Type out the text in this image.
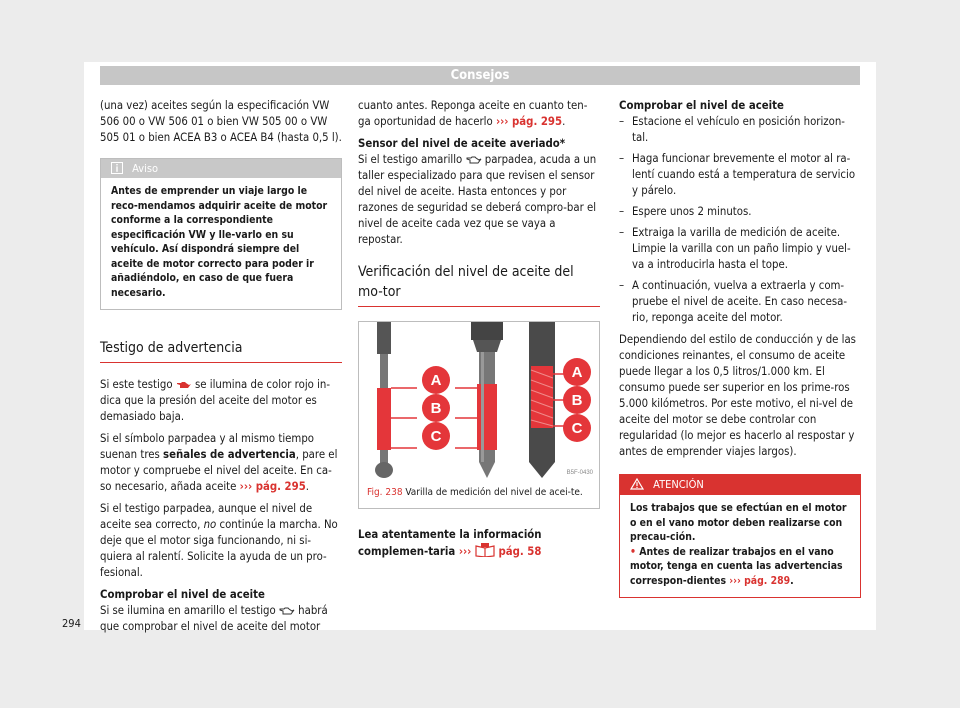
Consejos

(una vez) aceites según la especificación VW 506 00 o VW 506 01 o bien VW 505 00 o VW 505 01 o bien ACEA B3 o ACEA B4 (hasta 0,5 l).

Aviso
Antes de emprender un viaje largo le reco-mendamos adquirir aceite de motor conforme a la correspondiente especificación VW y lle-varlo en su vehículo. Así dispondrá siempre del aceite de motor correcto para poder ir añadiéndolo, en caso de que fuera necesario.
Testigo de advertencia

Si este testigo se ilumina de color rojo in-dica que la presión del aceite del motor es demasiado baja.

Si el símbolo parpadea y al mismo tiempo suenan tres señales de advertencia, pare el motor y compruebe el nivel del aceite. En ca-so necesario, añada aceite ››› pág. 295.

Si el testigo parpadea, aunque el nivel de aceite sea correcto, no continúe la marcha. No deje que el motor siga funcionando, ni si-quiera al ralentí. Solicite la ayuda de un pro-fesional.

Comprobar el nivel de aceite

Si se ilumina en amarillo el testigo habrá que comprobar el nivel de aceite del motor

cuanto antes. Reponga aceite en cuanto ten-ga oportunidad de hacerlo ››› pág. 295.

Sensor del nivel de aceite averiado*

Si el testigo amarillo parpadea, acuda a un taller especializado para que revisen el sensor del nivel de aceite. Hasta entonces y por razones de seguridad se deberá compro-bar el nivel de aceite cada vez que se vaya a repostar.

Verificación del nivel de aceite del mo-tor
A
B
C
A
B
C
B5F-0430
Fig. 238 Varilla de medición del nivel de acei-te.

Lea atentamente la información complemen-taria ››› pág. 58

Comprobar el nivel de aceite
– Estacione el vehículo en posición horizon-tal.
– Haga funcionar brevemente el motor al ra-lentí cuando está a temperatura de servicio y párelo.
– Espere unos 2 minutos.
– Extraiga la varilla de medición de aceite. Limpie la varilla con un paño limpio y vuel-va a introducirla hasta el tope.
– A continuación, vuelva a extraerla y com-pruebe el nivel de aceite. En caso necesa-rio, reponga aceite del motor.

Dependiendo del estilo de conducción y de las condiciones reinantes, el consumo de aceite puede llegar a los 0,5 litros/1.000 km. El consumo puede ser superior en los prime-ros 5.000 kilómetros. Por este motivo, el ni-vel de aceite del motor se debe controlar con regularidad (lo mejor es hacerlo al respostar y antes de emprender viajes largos).

ATENCIÓN

Los trabajos que se efectúan en el motor o en el vano motor deben realizarse con precau-ción.

• Antes de realizar trabajos en el vano motor, tenga en cuenta las advertencias correspon-dientes ››› pág. 289.

294
